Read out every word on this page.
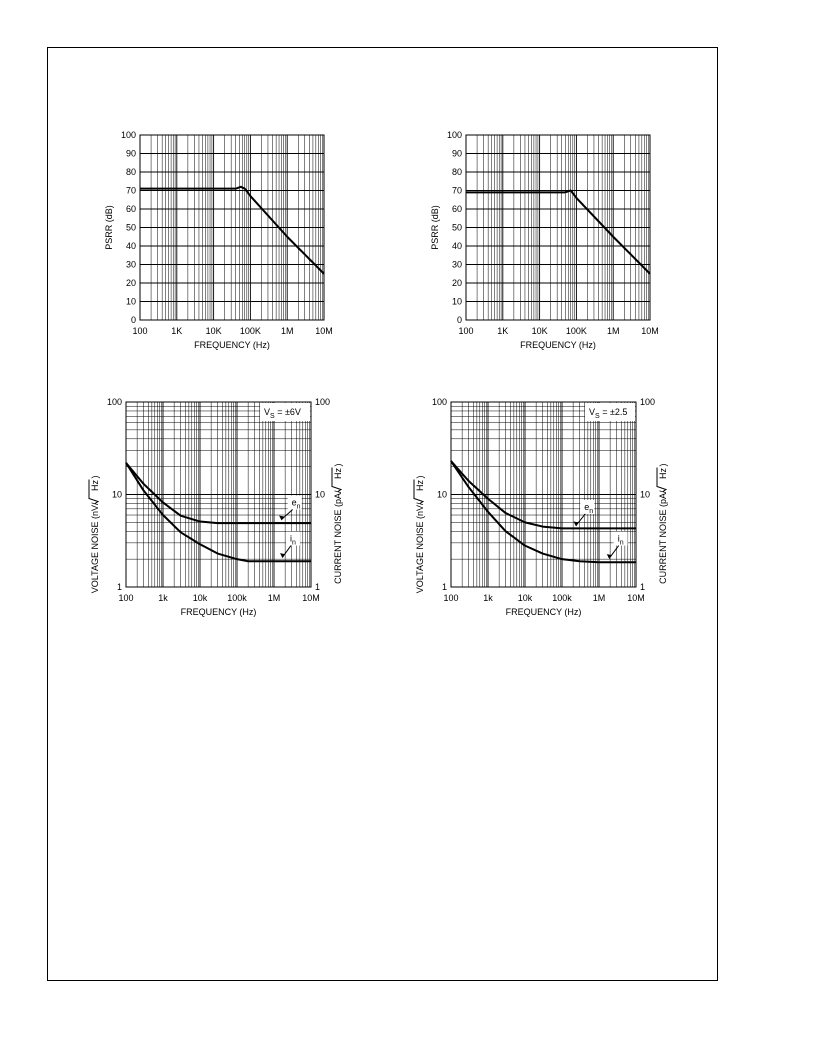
100	1K	10K 100K 1M 10M
0
10
20
30
40
50
60
70
80
90
100
FREQUENCY (Hz)
PSRR (dB)
100	1K	10K 100K 1M 10M
0
10
20
30
40
50
60
70
80
90
100
FREQUENCY (Hz)
PSRR (dB)
100	1k	10k 100k 1M 10M
1	1
10	10
100	100
FREQUENCY (Hz)
VOLTAGE NOISE (nV/
Hz
)
CURRENT NOISE (pA/
Hz
)
$V_S = \pm 6V$
$e_n$
$i_n$
100	1k	10k 100k 1M 10M
1	1
10	10
100	100
FREQUENCY (Hz)
VOLTAGE NOISE (nV/
Hz
)
CURRENT NOISE (pA/
Hz
)
$V_S = \pm 2.5$
$e_n$
$i_n$
